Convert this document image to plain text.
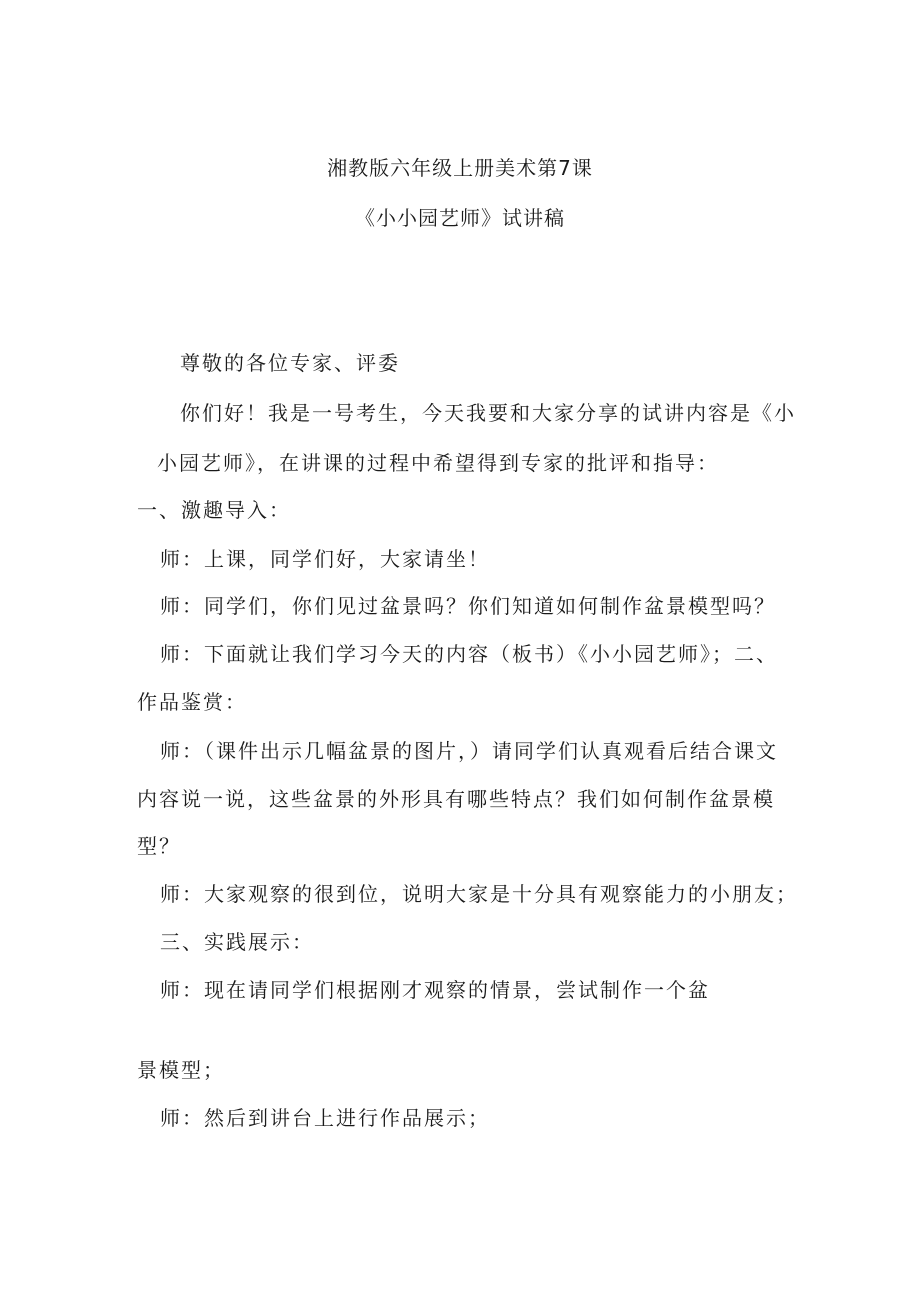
湘教版六年级上册美术第7课
《小小园艺师》试讲稿
尊敬的各位专家、评委
你们好！我是一号考生，今天我要和大家分享的试讲内容是《小
小园艺师》，在讲课的过程中希望得到专家的批评和指导：
一、激趣导入：
师：上课，同学们好，大家请坐！
师：同学们，你们见过盆景吗？你们知道如何制作盆景模型吗？
师：下面就让我们学习今天的内容（板书）《小小园艺师》；二、
作品鉴赏：
师：（课件出示几幅盆景的图片，）请同学们认真观看后结合课文
内容说一说，这些盆景的外形具有哪些特点？我们如何制作盆景模
型？
师：大家观察的很到位，说明大家是十分具有观察能力的小朋友；
三、实践展示：
师：现在请同学们根据刚才观察的情景，尝试制作一个盆
景模型；
师：然后到讲台上进行作品展示；
